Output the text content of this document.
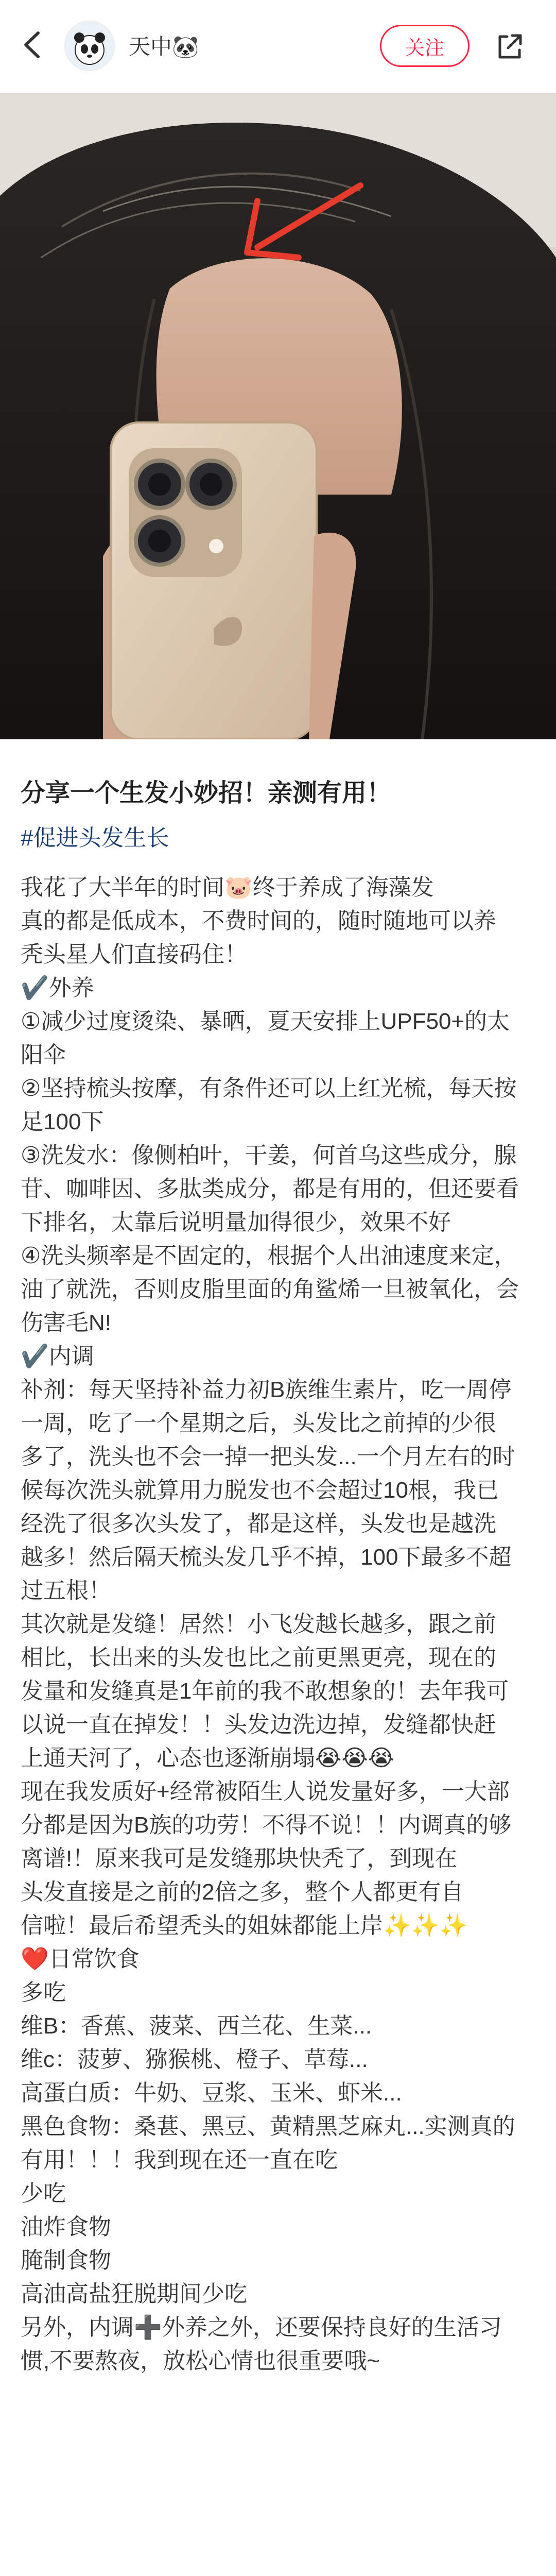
天中🐼	关注
分享一个生发小妙招！亲测有用！
#促进头发生长

我花了大半年的时间🐷终于养成了海藻发
真的都是低成本，不费时间的，随时随地可以养
秃头星人们直接码住！

✔️外养

①减少过度烫染、暴晒，夏天安排上UPF50+的太
阳伞
②坚持梳头按摩，有条件还可以上红光梳，每天按
足100下
③洗发水：像侧柏叶，干姜，何首乌这些成分，腺
苷、咖啡因、多肽类成分，都是有用的，但还要看
下排名，太靠后说明量加得很少，效果不好
④洗头频率是不固定的，根据个人出油速度来定，
油了就洗，否则皮脂里面的角鲨烯一旦被氧化，会
伤害毛N!

✔️内调

补剂：每天坚持补益力初B族维生素片，吃一周停
一周，吃了一个星期之后，头发比之前掉的少很
多了，洗头也不会一掉一把头发...一个月左右的时
候每次洗头就算用力脱发也不会超过10根，我已
经洗了很多次头发了，都是这样，头发也是越洗
越多！然后隔天梳头发几乎不掉，100下最多不超
过五根！
其次就是发缝！居然！小飞发越长越多，跟之前
相比，长出来的头发也比之前更黑更亮，现在的
发量和发缝真是1年前的我不敢想象的！去年我可
以说一直在掉发！！头发边洗边掉，发缝都快赶
上通天河了，心态也逐渐崩塌😭😭😭
现在我发质好+经常被陌生人说发量好多，一大部
分都是因为B族的功劳！不得不说！！内调真的够
离谱!！原来我可是发缝那块快秃了，到现在
头发直接是之前的2倍之多，整个人都更有自
信啦！最后希望秃头的姐妹都能上岸✨✨✨

❤️日常饮食

多吃
维B：香蕉、菠菜、西兰花、生菜...
维c：菠萝、猕猴桃、橙子、草莓...
高蛋白质：牛奶、豆浆、玉米、虾米...
黑色食物：桑葚、黑豆、黄精黑芝麻丸...实测真的
有用！！！我到现在还一直在吃
少吃
油炸食物
腌制食物
高油高盐狂脱期间少吃

另外，内调➕外养之外，还要保持良好的生活习
惯,不要熬夜，放松心情也很重要哦~
